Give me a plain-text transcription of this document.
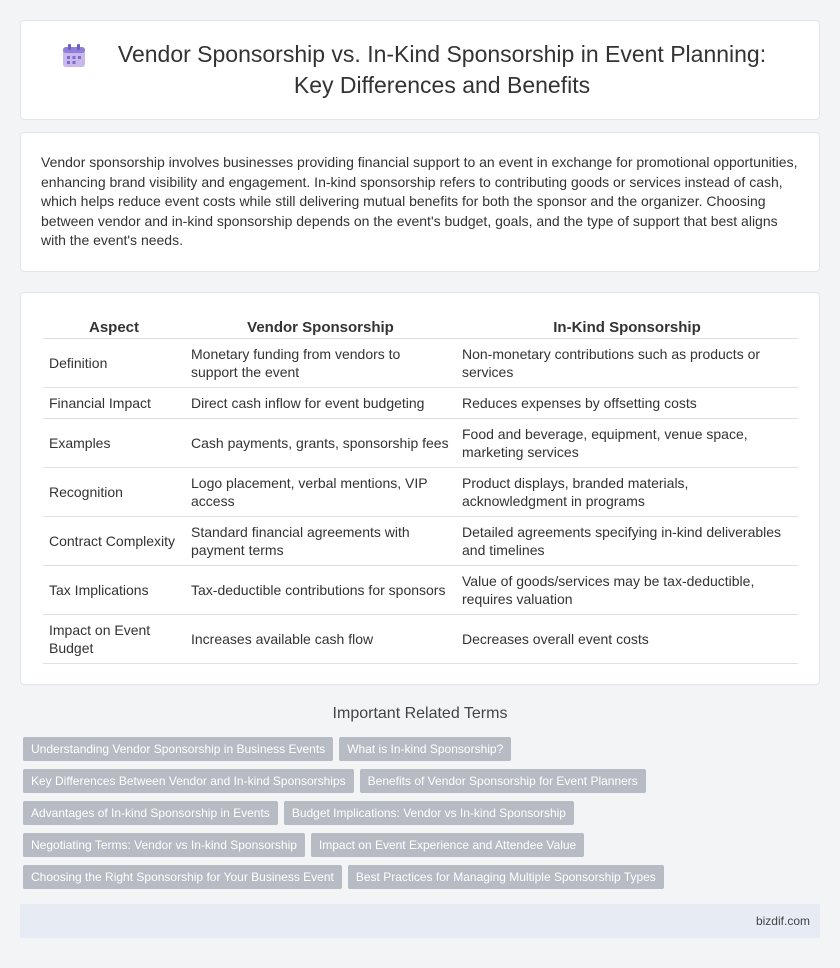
Vendor Sponsorship vs. In-Kind Sponsorship in Event Planning: Key Differences and Benefits

Vendor sponsorship involves businesses providing financial support to an event in exchange for promotional opportunities, enhancing brand visibility and engagement. In-kind sponsorship refers to contributing goods or services instead of cash, which helps reduce event costs while still delivering mutual benefits for both the sponsor and the organizer. Choosing between vendor and in-kind sponsorship depends on the event's budget, goals, and the type of support that best aligns with the event's needs.

Aspect	Vendor Sponsorship	In-Kind Sponsorship
Definition	Monetary funding from vendors to support the event	Non-monetary contributions such as products or services
Financial Impact	Direct cash inflow for event budgeting	Reduces expenses by offsetting costs
Examples	Cash payments, grants, sponsorship fees	Food and beverage, equipment, venue space, marketing services
Recognition	Logo placement, verbal mentions, VIP access	Product displays, branded materials, acknowledgment in programs
Contract Complexity	Standard financial agreements with payment terms	Detailed agreements specifying in-kind deliverables and timelines
Tax Implications	Tax-deductible contributions for sponsors	Value of goods/services may be tax-deductible, requires valuation
Impact on Event Budget	Increases available cash flow	Decreases overall event costs
Important Related Terms
Understanding Vendor Sponsorship in Business Events What is In-kind Sponsorship?
Key Differences Between Vendor and In-kind Sponsorships Benefits of Vendor Sponsorship for Event Planners
Advantages of In-kind Sponsorship in Events Budget Implications: Vendor vs In-kind Sponsorship
Negotiating Terms: Vendor vs In-kind Sponsorship Impact on Event Experience and Attendee Value
Choosing the Right Sponsorship for Your Business Event Best Practices for Managing Multiple Sponsorship Types
bizdif.com
